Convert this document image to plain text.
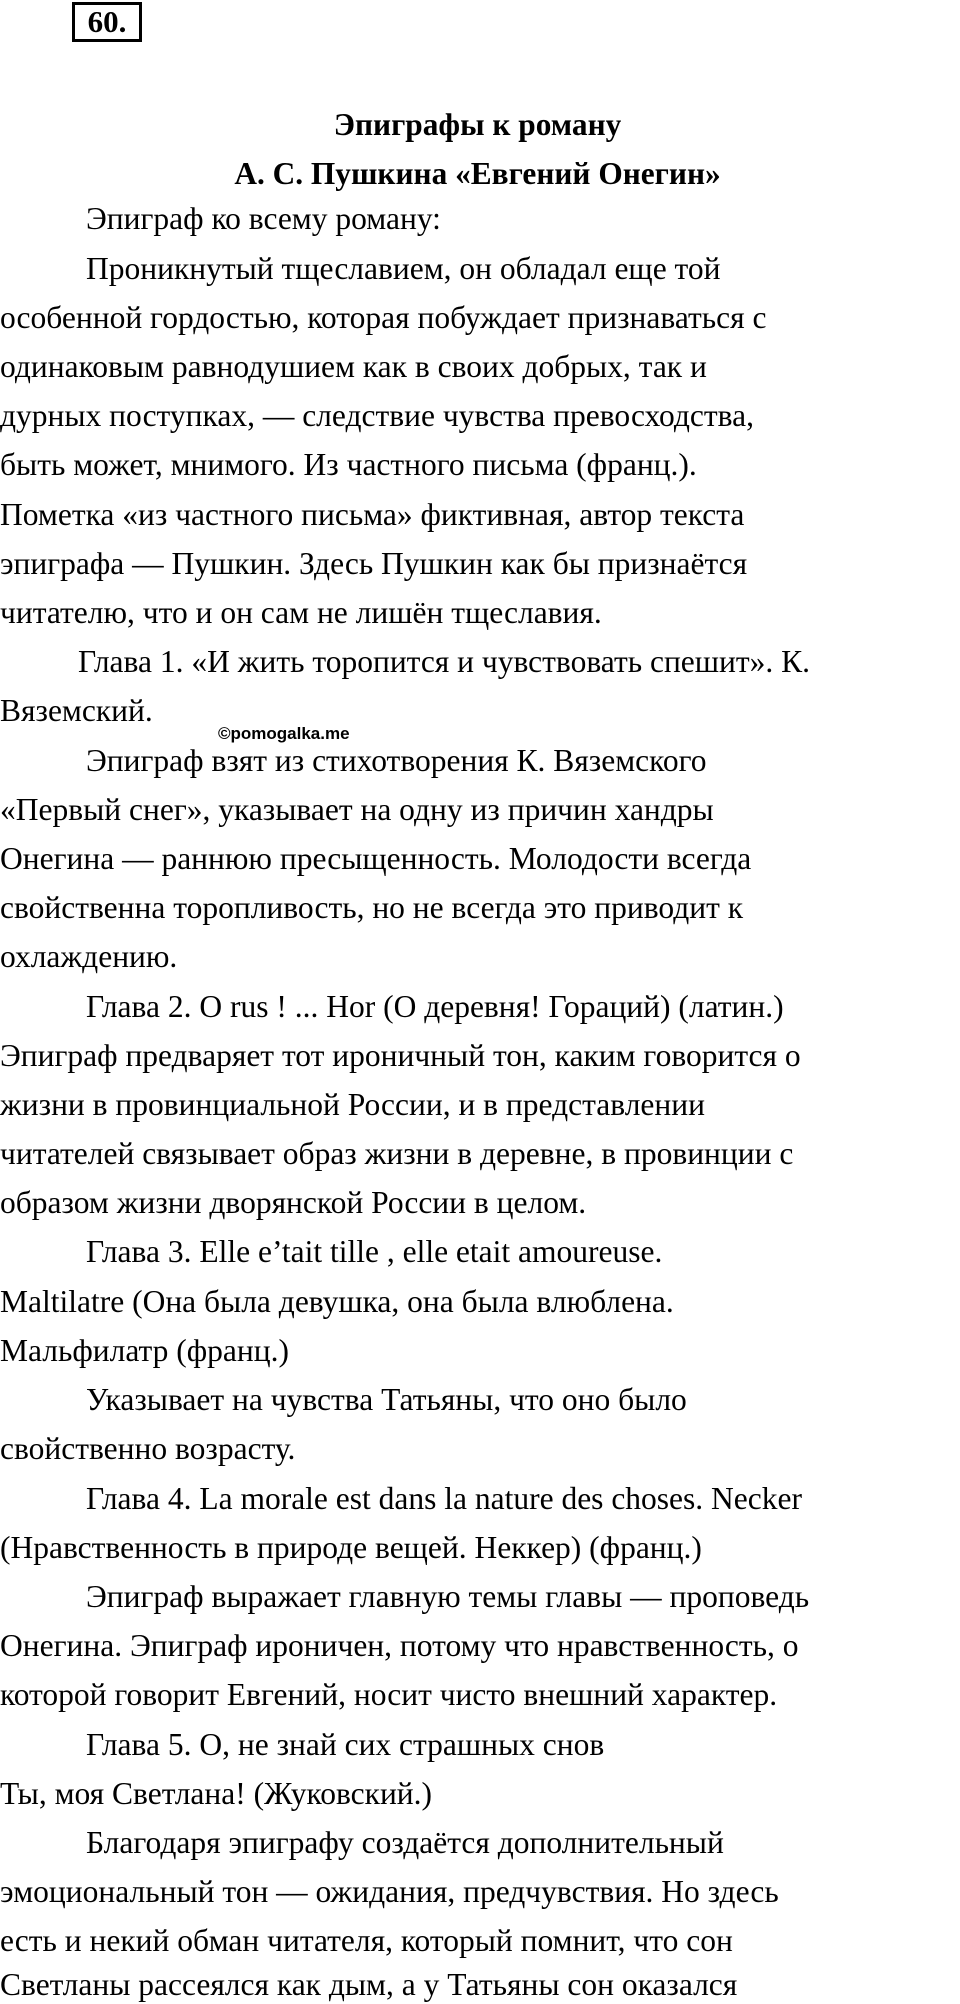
60.
Эпиграфы к роману
А. С. Пушкина «Евгений Онегин»
Эпиграф ко всему роману:
Проникнутый тщеславием, он обладал еще той
особенной гордостью, которая побуждает признаваться с
одинаковым равнодушием как в своих добрых, так и
дурных поступках, — следствие чувства превосходства,
быть может, мнимого. Из частного письма (франц.).
Пометка «из частного письма» фиктивная, автор текста
эпиграфа — Пушкин. Здесь Пушкин как бы признаётся
читателю, что и он сам не лишён тщеславия.
Глава 1. «И жить торопится и чувствовать спешит». К.
Вяземский.
©pomogalka.me
Эпиграф взят из стихотворения К. Вяземского
«Первый снег», указывает на одну из причин хандры
Онегина — раннюю пресыщенность. Молодости всегда
свойственна торопливость, но не всегда это приводит к
охлаждению.
Глава 2. О rus ! ... Hor (О деревня! Гораций) (латин.)
Эпиграф предваряет тот ироничный тон, каким говорится о
жизни в провинциальной России, и в представлении
читателей связывает образ жизни в деревне, в провинции с
образом жизни дворянской России в целом.
Глава 3. Elle e’tait tille , elle etait amoureuse.
Maltilatre (Она была девушка, она была влюблена.
Мальфилатр (франц.)
Указывает на чувства Татьяны, что оно было
свойственно возрасту.
Глава 4. La morale est dans la nature des choses. Necker
(Нравственность в природе вещей. Неккер) (франц.)
Эпиграф выражает главную темы главы — проповедь
Онегина. Эпиграф ироничен, потому что нравственность, о
которой говорит Евгений, носит чисто внешний характер.
Глава 5. О, не знай сих страшных снов
Ты, моя Светлана! (Жуковский.)
Благодаря эпиграфу создаётся дополнительный
эмоциональный тон — ожидания, предчувствия. Но здесь
есть и некий обман читателя, который помнит, что сон
Светланы рассеялся как дым, а у Татьяны сон оказался
